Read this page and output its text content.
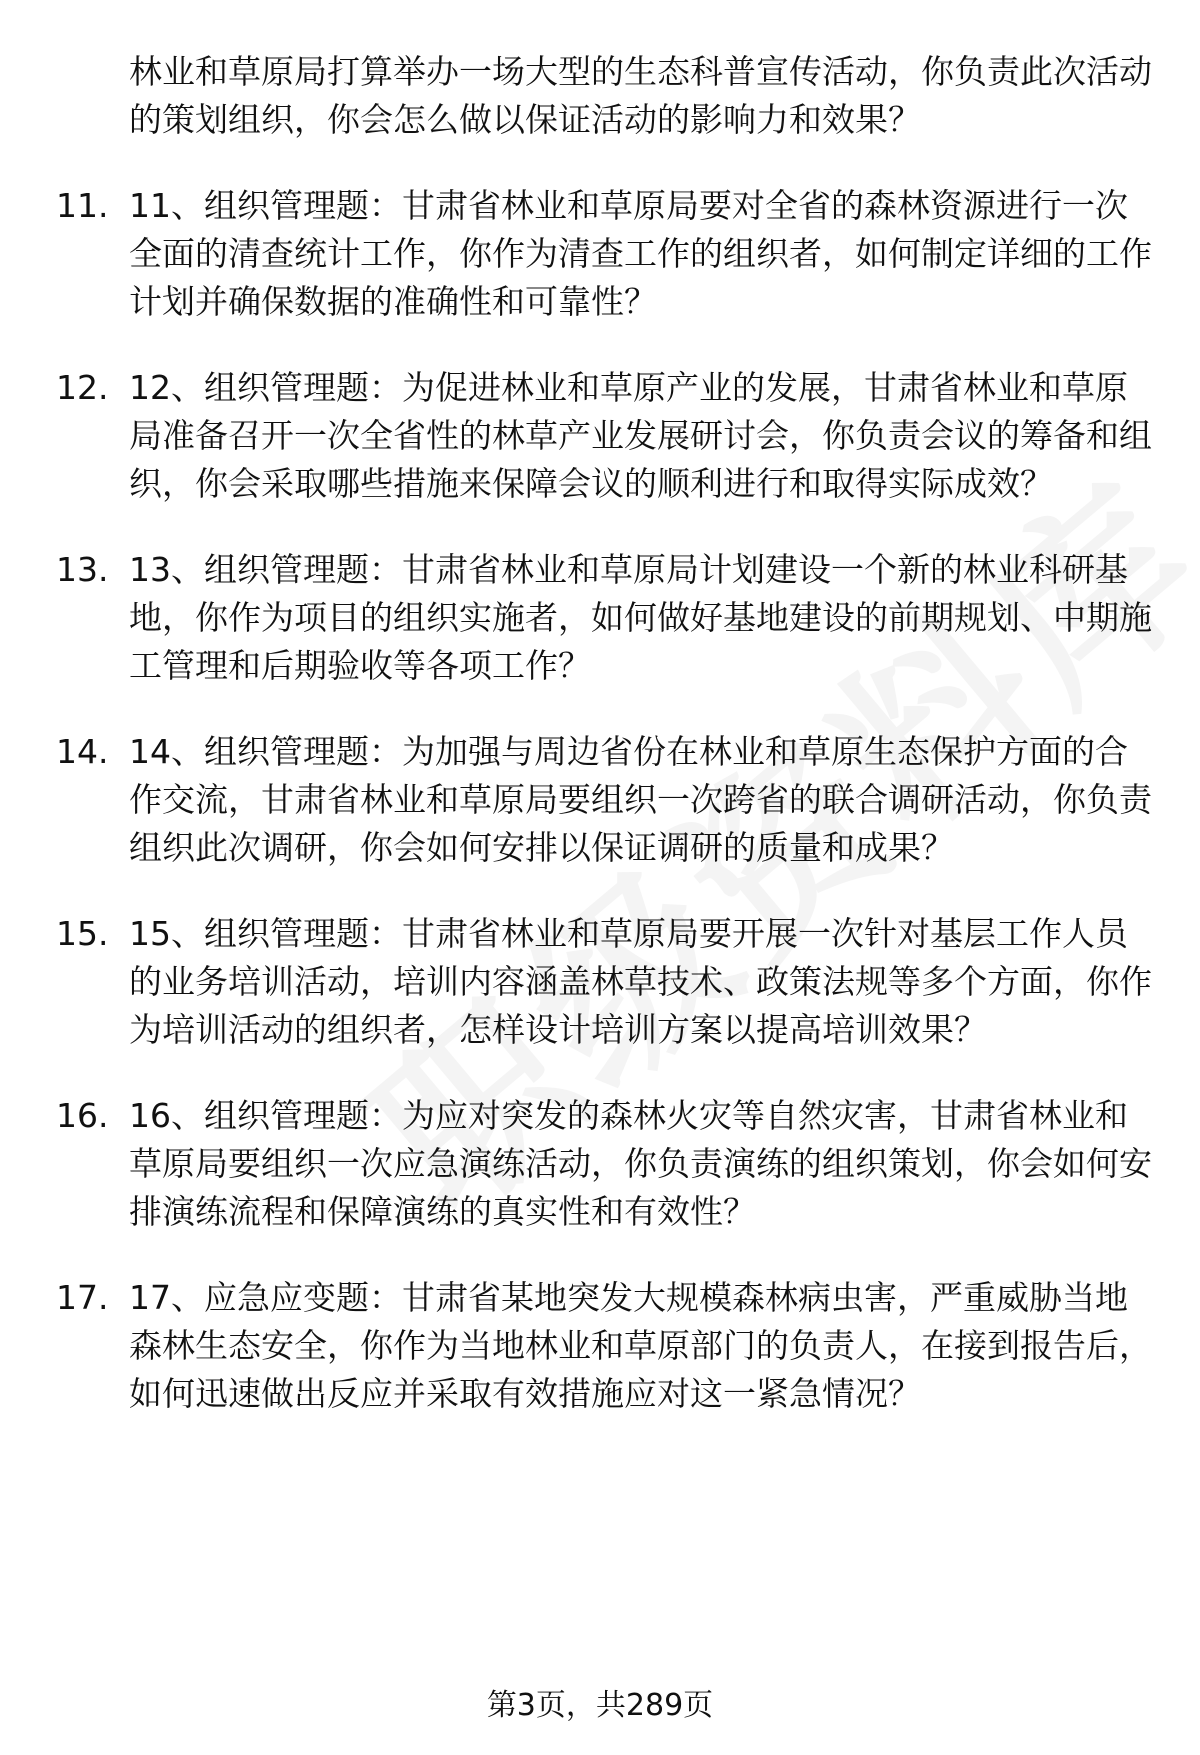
林业和草原局打算举办一场大型的生态科普宣传活动，你负责此次活动的策划组织，你会怎么做以保证活动的影响力和效果？
11. 11、组织管理题：甘肃省林业和草原局要对全省的森林资源进行一次全面的清查统计工作，你作为清查工作的组织者，如何制定详细的工作计划并确保数据的准确性和可靠性？
12. 12、组织管理题：为促进林业和草原产业的发展，甘肃省林业和草原局准备召开一次全省性的林草产业发展研讨会，你负责会议的筹备和组织，你会采取哪些措施来保障会议的顺利进行和取得实际成效？
13. 13、组织管理题：甘肃省林业和草原局计划建设一个新的林业科研基地，你作为项目的组织实施者，如何做好基地建设的前期规划、中期施工管理和后期验收等各项工作？
14. 14、组织管理题：为加强与周边省份在林业和草原生态保护方面的合作交流，甘肃省林业和草原局要组织一次跨省的联合调研活动，你负责组织此次调研，你会如何安排以保证调研的质量和成果？
15. 15、组织管理题：甘肃省林业和草原局要开展一次针对基层工作人员的业务培训活动，培训内容涵盖林草技术、政策法规等多个方面，你作为培训活动的组织者，怎样设计培训方案以提高培训效果？
16. 16、组织管理题：为应对突发的森林火灾等自然灾害，甘肃省林业和草原局要组织一次应急演练活动，你负责演练的组织策划，你会如何安排演练流程和保障演练的真实性和有效性？
17. 17、应急应变题：甘肃省某地突发大规模森林病虫害，严重威胁当地森林生态安全，你作为当地林业和草原部门的负责人，在接到报告后，如何迅速做出反应并采取有效措施应对这一紧急情况？
第3页，共289页
